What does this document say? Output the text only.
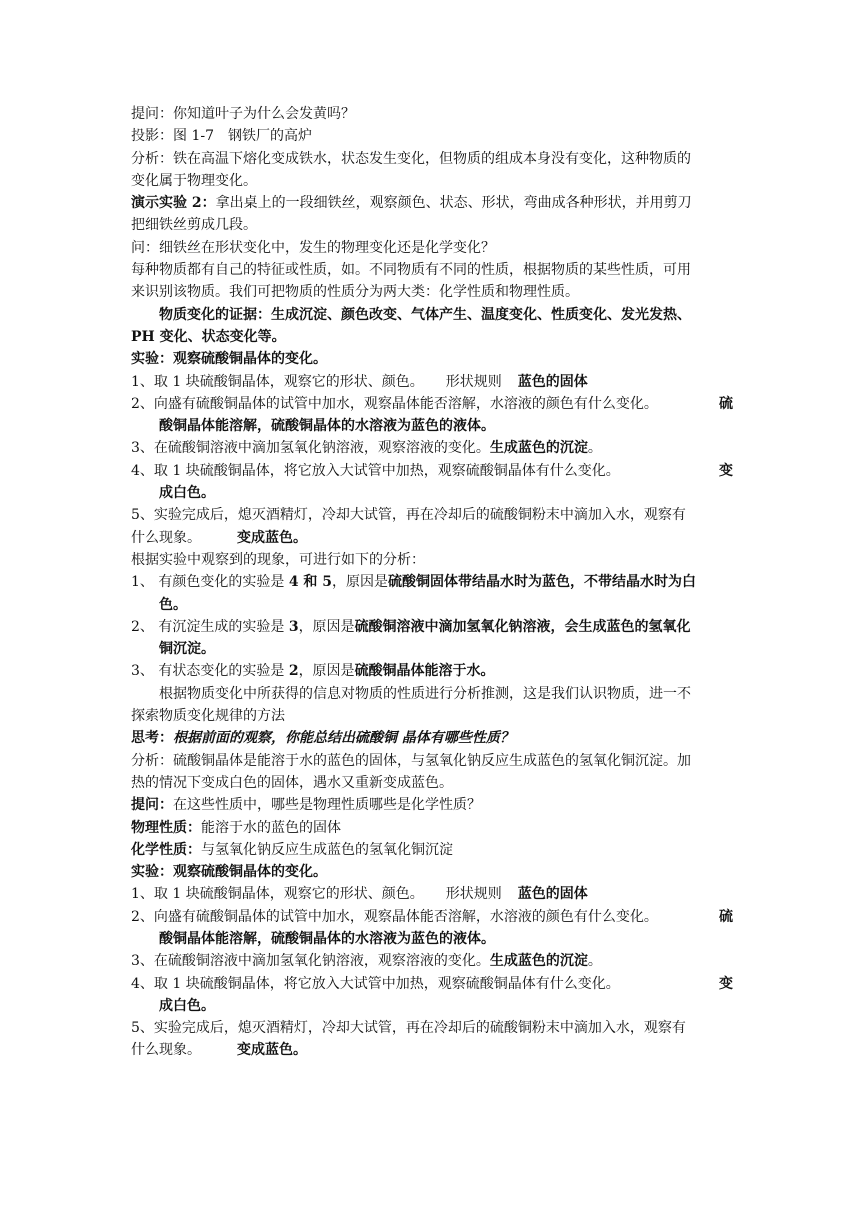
提问：你知道叶子为什么会发黄吗？
投影：图 1-7　钢铁厂的高炉
分析：铁在高温下熔化变成铁水，状态发生变化，但物质的组成本身没有变化，这种物质的
变化属于物理变化。
演示实验 2：拿出桌上的一段细铁丝，观察颜色、状态、形状，弯曲成各种形状，并用剪刀
把细铁丝剪成几段。
问：细铁丝在形状变化中，发生的物理变化还是化学变化？
每种物质都有自己的特征或性质，如。不同物质有不同的性质，根据物质的某些性质，可用
来识别该物质。我们可把物质的性质分为两大类：化学性质和物理性质。
物质变化的证据：生成沉淀、颜色改变、气体产生、温度变化、性质变化、发光发热、
PH 变化、状态变化等。
实验：观察硫酸铜晶体的变化。
1、取 1 块硫酸铜晶体，观察它的形状、颜色。 形状规则 蓝色的固体
2、向盛有硫酸铜晶体的试管中加水，观察晶体能否溶解，水溶液的颜色有什么变化。	硫
酸铜晶体能溶解，硫酸铜晶体的水溶液为蓝色的液体。
3、在硫酸铜溶液中滴加氢氧化钠溶液，观察溶液的变化。生成蓝色的沉淀。
4、取 1 块硫酸铜晶体，将它放入大试管中加热，观察硫酸铜晶体有什么变化。	变
成白色。
5、实验完成后，熄灭酒精灯，冷却大试管，再在冷却后的硫酸铜粉末中滴加入水，观察有
什么现象。	变成蓝色。
根据实验中观察到的现象，可进行如下的分析：
1、 有颜色变化的实验是 4 和 5，原因是硫酸铜固体带结晶水时为蓝色，不带结晶水时为白
色。
2、 有沉淀生成的实验是 3，原因是硫酸铜溶液中滴加氢氧化钠溶液，会生成蓝色的氢氧化
铜沉淀。
3、 有状态变化的实验是 2，原因是硫酸铜晶体能溶于水。
根据物质变化中所获得的信息对物质的性质进行分析推测，这是我们认识物质，进一不
探索物质变化规律的方法
思考：根据前面的观察，你能总结出硫酸铜 晶体有哪些性质？
分析：硫酸铜晶体是能溶于水的蓝色的固体，与氢氧化钠反应生成蓝色的氢氧化铜沉淀。加
热的情况下变成白色的固体，遇水又重新变成蓝色。
提问：在这些性质中，哪些是物理性质哪些是化学性质？
物理性质：能溶于水的蓝色的固体
化学性质：与氢氧化钠反应生成蓝色的氢氧化铜沉淀
实验：观察硫酸铜晶体的变化。
1、取 1 块硫酸铜晶体，观察它的形状、颜色。 形状规则 蓝色的固体
2、向盛有硫酸铜晶体的试管中加水，观察晶体能否溶解，水溶液的颜色有什么变化。	硫
酸铜晶体能溶解，硫酸铜晶体的水溶液为蓝色的液体。
3、在硫酸铜溶液中滴加氢氧化钠溶液，观察溶液的变化。生成蓝色的沉淀。
4、取 1 块硫酸铜晶体，将它放入大试管中加热，观察硫酸铜晶体有什么变化。	变
成白色。
5、实验完成后，熄灭酒精灯，冷却大试管，再在冷却后的硫酸铜粉末中滴加入水，观察有
什么现象。	变成蓝色。
